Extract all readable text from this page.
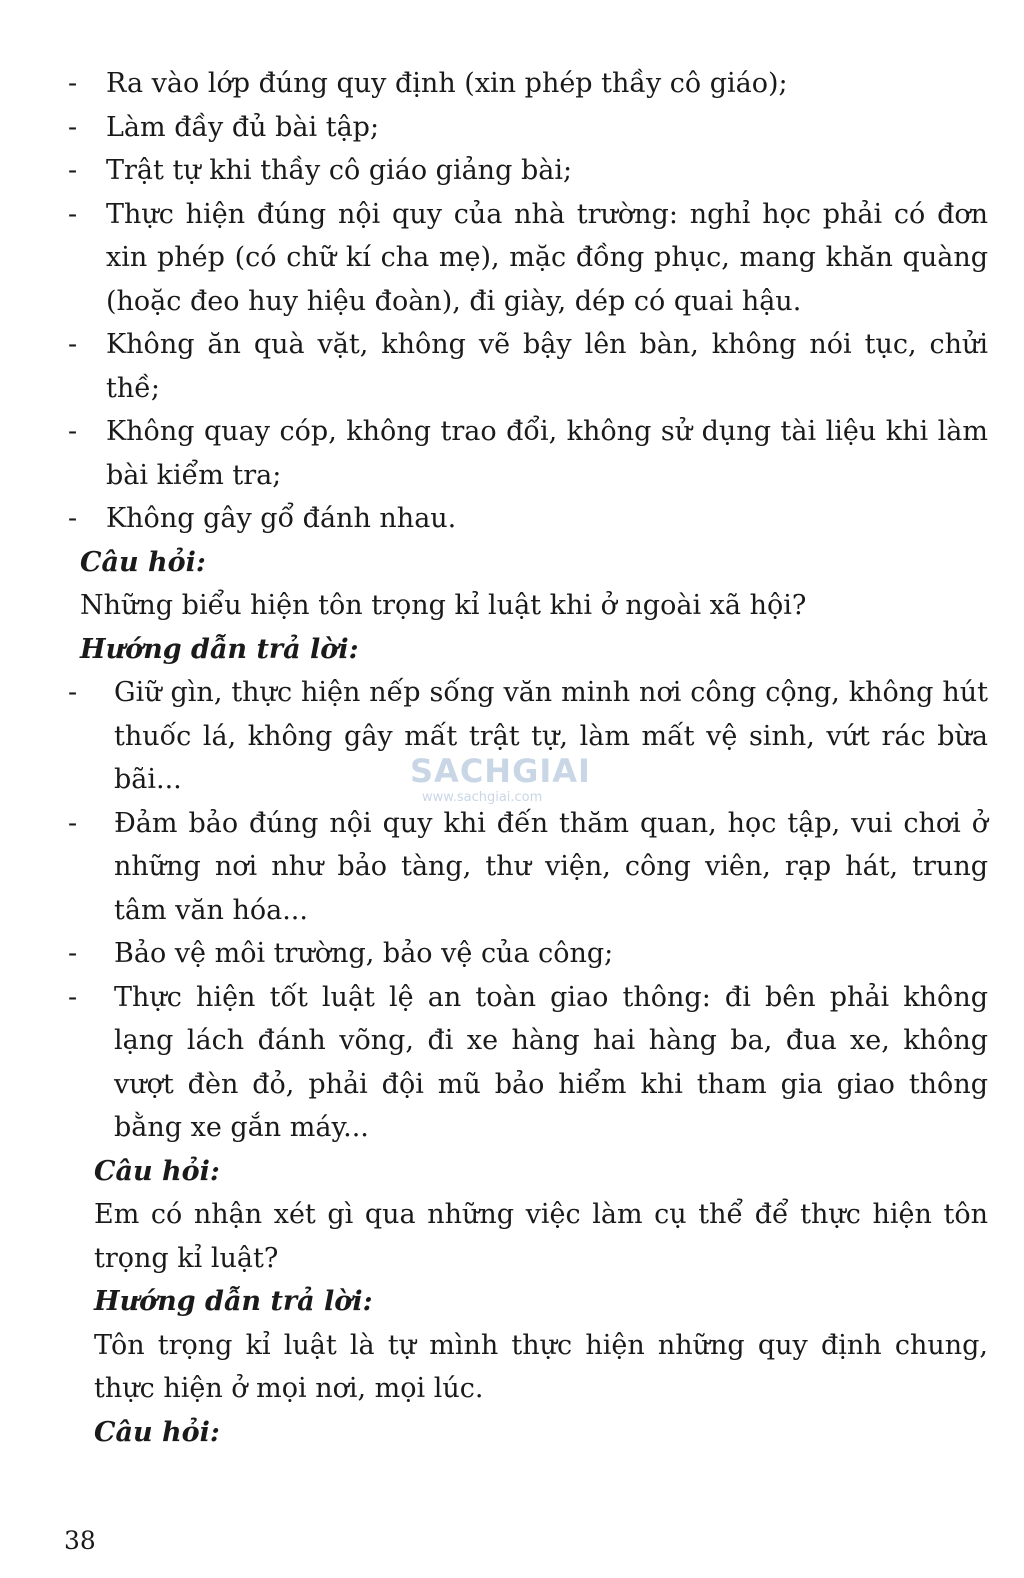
- Ra vào lớp đúng quy định (xin phép thầy cô giáo);
- Làm đầy đủ bài tập;
- Trật tự khi thầy cô giáo giảng bài;
- Thực hiện đúng nội quy của nhà trường: nghỉ học phải có đơn xin phép (có chữ kí cha mẹ), mặc đồng phục, mang khăn quàng (hoặc đeo huy hiệu đoàn), đi giày, dép có quai hậu.
- Không ăn quà vặt, không vẽ bậy lên bàn, không nói tục, chửi thề;
- Không quay cóp, không trao đổi, không sử dụng tài liệu khi làm bài kiểm tra;
- Không gây gổ đánh nhau.
Câu hỏi:
Những biểu hiện tôn trọng kỉ luật khi ở ngoài xã hội?
Hướng dẫn trả lời:
- Giữ gìn, thực hiện nếp sống văn minh nơi công cộng, không hút thuốc lá, không gây mất trật tự, làm mất vệ sinh, vứt rác bừa bãi...
- Đảm bảo đúng nội quy khi đến thăm quan, học tập, vui chơi ở những nơi như bảo tàng, thư viện, công viên, rạp hát, trung tâm văn hóa...
- Bảo vệ môi trường, bảo vệ của công;
- Thực hiện tốt luật lệ an toàn giao thông: đi bên phải không lạng lách đánh võng, đi xe hàng hai hàng ba, đua xe, không vượt đèn đỏ, phải đội mũ bảo hiểm khi tham gia giao thông bằng xe gắn máy...
Câu hỏi:
Em có nhận xét gì qua những việc làm cụ thể để thực hiện tôn trọng kỉ luật?
Hướng dẫn trả lời:
Tôn trọng kỉ luật là tự mình thực hiện những quy định chung, thực hiện ở mọi nơi, mọi lúc.
Câu hỏi:
SACHGIAI
www.sachgiai.com
38
